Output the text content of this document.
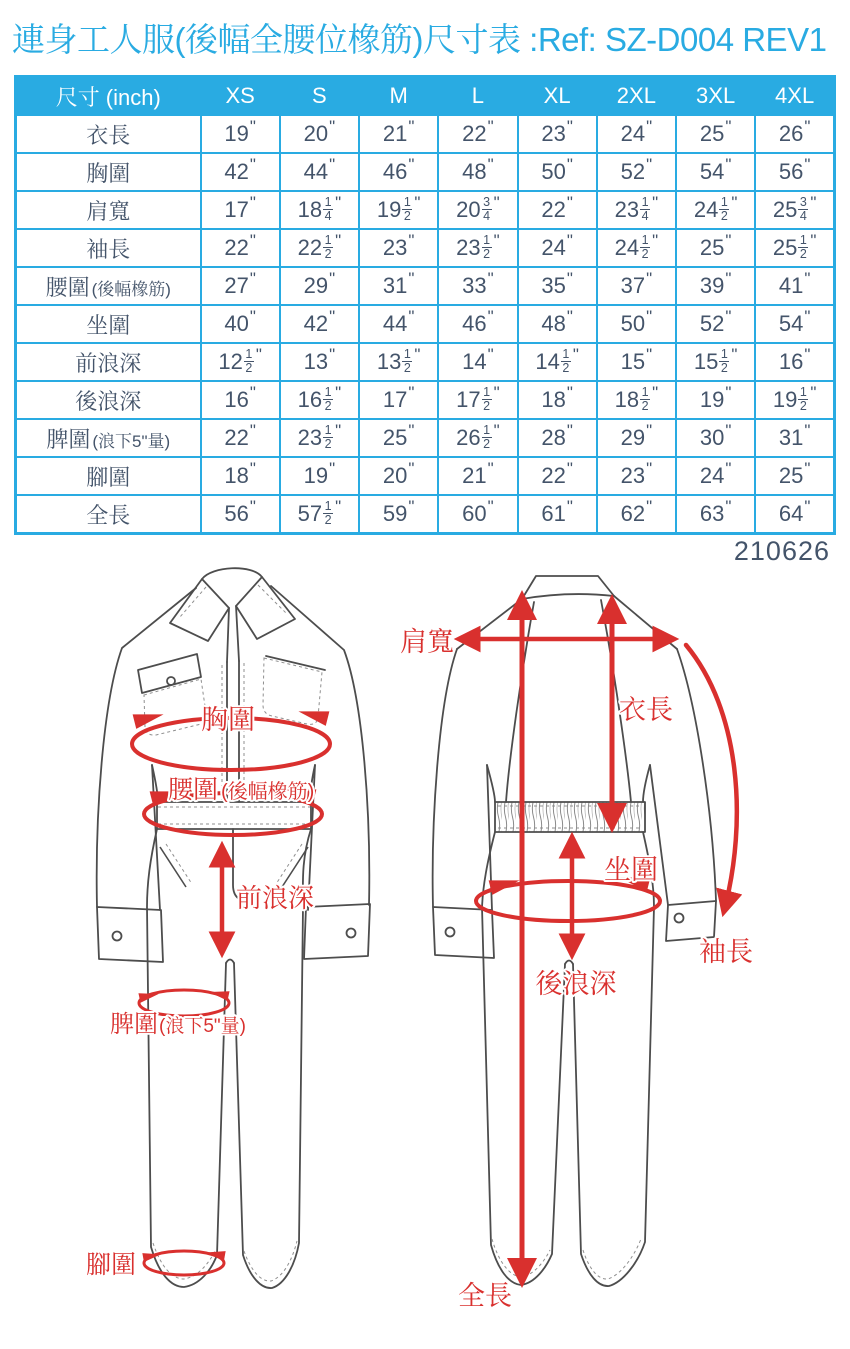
連身工人服(後幅全腰位橡筋)尺寸表 :Ref: SZ-D004 REV1
尺寸 (inch)	XS	S	M	L	XL	2XL	3XL	4XL
衣長	19 "	20 "	21 "	22 "	23 "	24 "	25 "	26 "

胸圍	42 "	44 "	46 "	48 "	50 "	52 "	54 "	56 "

肩寬	17 "	$18 \frac{1}{4}$ "	$19 \frac{1}{2}$ "	$20 \frac{3}{4}$ "	22 "	$23 \frac{1}{4}$ "	$24 \frac{1}{2}$ "	$25 \frac{3}{4}$ "

袖長	22 "	$22 \frac{1}{2}$ "	23 "	$23 \frac{1}{2}$ "	24 "	$24 \frac{1}{2}$ "	25 "	$25 \frac{1}{2}$ "

腰圍 (後幅橡筋)	27 "	29 "	31 "	33 "	35 "	37 "	39 "	41 "

坐圍	40 "	42 "	44 "	46 "	48 "	50 "	52 "	54 "

前浪深	$12 \frac{1}{2}$ "	13 "	$13 \frac{1}{2}$ "	14 "	$14 \frac{1}{2}$ "	15 "	$15 \frac{1}{2}$ "	16 "

後浪深	16 "	$16 \frac{1}{2}$ "	17 "	$17 \frac{1}{2}$ "	18 "	$18 \frac{1}{2}$ "	19 "	$19 \frac{1}{2}$ "

脾圍 (浪下5"量)	22 "	$23 \frac{1}{2}$ "	25 "	$26 \frac{1}{2}$ "	28 "	29 "	30 "	31 "

腳圍	18 "	19 "	20 "	21 "	22 "	23 "	24 "	25 "

全長	56 "	$57 \frac{1}{2}$ "	59 "	60 "	61 "	62 "	63 "	64 "
210626
胸圍
腰圍 (後幅橡筋)
前浪深
脾圍(浪下5"量)
腳圍
肩寬
衣長
坐圍
後浪深
袖長
全長
